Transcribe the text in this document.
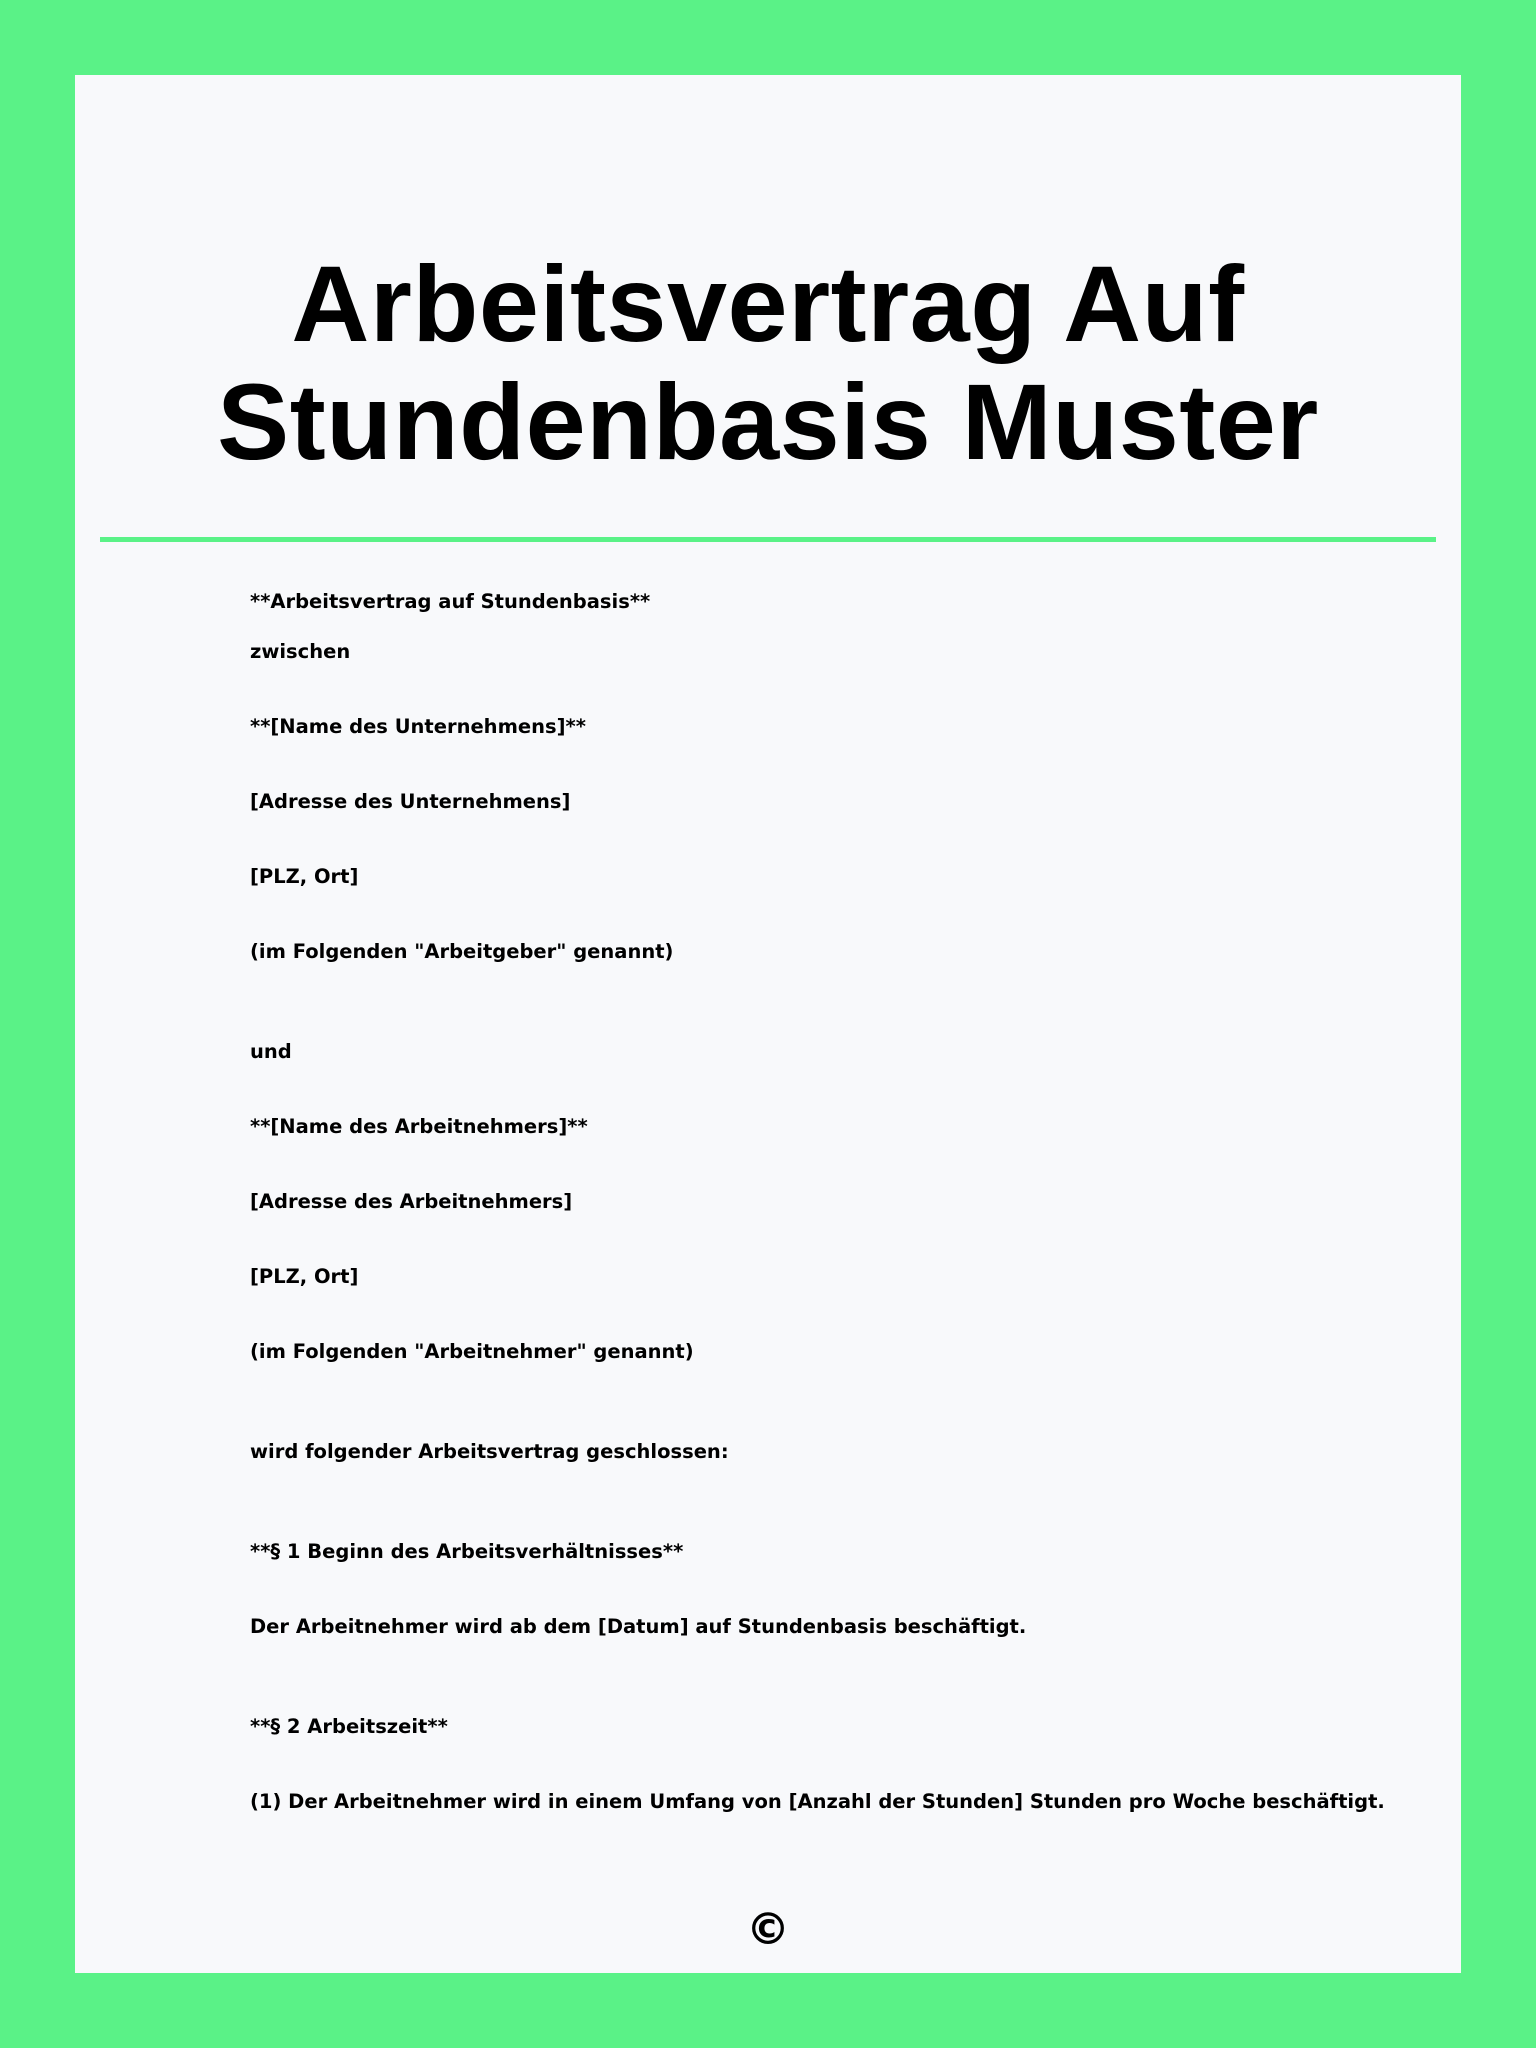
Arbeitsvertrag Auf
Stundenbasis Muster
**Arbeitsvertrag auf Stundenbasis**
zwischen
**[Name des Unternehmens]**
[Adresse des Unternehmens]
[PLZ, Ort]
(im Folgenden "Arbeitgeber" genannt)
und
**[Name des Arbeitnehmers]**
[Adresse des Arbeitnehmers]
[PLZ, Ort]
(im Folgenden "Arbeitnehmer" genannt)
wird folgender Arbeitsvertrag geschlossen:
**§ 1 Beginn des Arbeitsverhältnisses**
Der Arbeitnehmer wird ab dem [Datum] auf Stundenbasis beschäftigt.
**§ 2 Arbeitszeit**
(1) Der Arbeitnehmer wird in einem Umfang von [Anzahl der Stunden] Stunden pro Woche beschäftigt.
©
